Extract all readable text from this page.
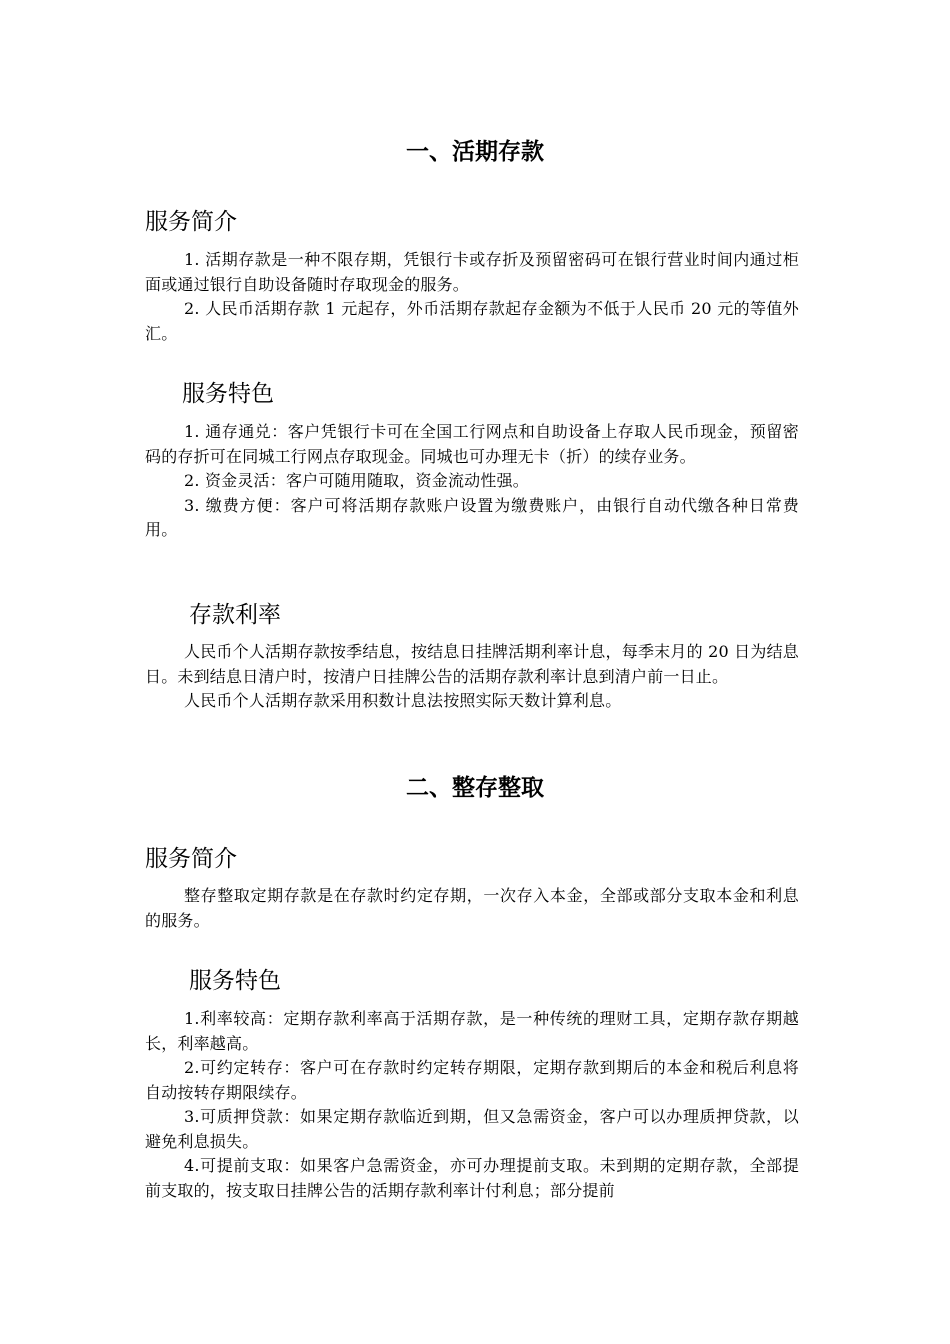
一、活期存款
服务简介

1. 活期存款是一种不限存期，凭银行卡或存折及预留密码可在银行营业时间内通过柜面或通过银行自助设备随时存取现金的服务。

2. 人民币活期存款 1 元起存，外币活期存款起存金额为不低于人民币 20 元的等值外汇。

服务特色

1. 通存通兑：客户凭银行卡可在全国工行网点和自助设备上存取人民币现金，预留密码的存折可在同城工行网点存取现金。同城也可办理无卡（折）的续存业务。

2. 资金灵活：客户可随用随取，资金流动性强。

3. 缴费方便：客户可将活期存款账户设置为缴费账户，由银行自动代缴各种日常费用。

存款利率

人民币个人活期存款按季结息，按结息日挂牌活期利率计息，每季末月的 20 日为结息日。未到结息日清户时，按清户日挂牌公告的活期存款利率计息到清户前一日止。

人民币个人活期存款采用积数计息法按照实际天数计算利息。

二、整存整取
服务简介

整存整取定期存款是在存款时约定存期，一次存入本金，全部或部分支取本金和利息的服务。

服务特色

1.利率较高：定期存款利率高于活期存款，是一种传统的理财工具，定期存款存期越长，利率越高。

2.可约定转存：客户可在存款时约定转存期限，定期存款到期后的本金和税后利息将自动按转存期限续存。

3.可质押贷款：如果定期存款临近到期，但又急需资金，客户可以办理质押贷款，以避免利息损失。

4.可提前支取：如果客户急需资金，亦可办理提前支取。未到期的定期存款，全部提前支取的，按支取日挂牌公告的活期存款利率计付利息；部分提前
